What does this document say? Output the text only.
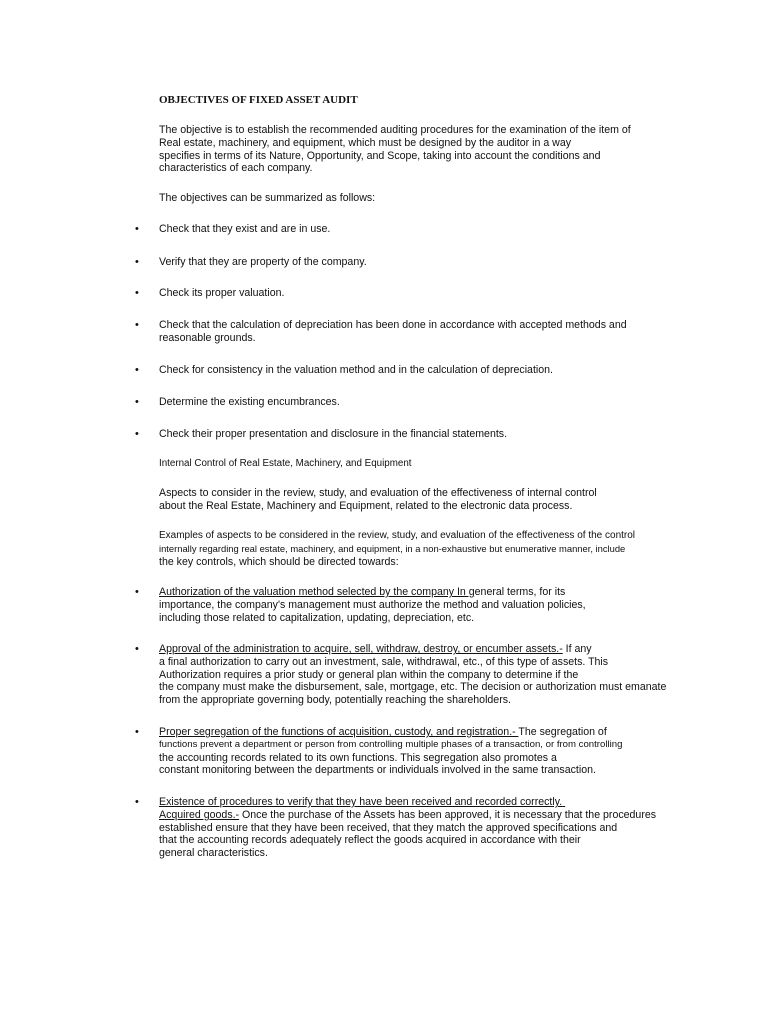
OBJECTIVES OF FIXED ASSET AUDIT

The objective is to establish the recommended auditing procedures for the examination of the item of
Real estate, machinery, and equipment, which must be designed by the auditor in a way
specifies in terms of its Nature, Opportunity, and Scope, taking into account the conditions and
characteristics of each company.

The objectives can be summarized as follows:

•	Check that they exist and are in use.

•	Verify that they are property of the company.

•	Check its proper valuation.

•	Check that the calculation of depreciation has been done in accordance with accepted methods and
reasonable grounds.

•	Check for consistency in the valuation method and in the calculation of depreciation.

•	Determine the existing encumbrances.

•	Check their proper presentation and disclosure in the financial statements.

Internal Control of Real Estate, Machinery, and Equipment

Aspects to consider in the review, study, and evaluation of the effectiveness of internal control
about the Real Estate, Machinery and Equipment, related to the electronic data process.

Examples of aspects to be considered in the review, study, and evaluation of the effectiveness of the control
internally regarding real estate, machinery, and equipment, in a non-exhaustive but enumerative manner, include
the key controls, which should be directed towards:

•	Authorization of the valuation method selected by the company In general terms, for its
importance, the company's management must authorize the method and valuation policies,
including those related to capitalization, updating, depreciation, etc.

•	Approval of the administration to acquire, sell, withdraw, destroy, or encumber assets.- If any
a final authorization to carry out an investment, sale, withdrawal, etc., of this type of assets. This
Authorization requires a prior study or general plan within the company to determine if the
the company must make the disbursement, sale, mortgage, etc. The decision or authorization must emanate
from the appropriate governing body, potentially reaching the shareholders.

•	Proper segregation of the functions of acquisition, custody, and registration.- The segregation of
functions prevent a department or person from controlling multiple phases of a transaction, or from controlling
the accounting records related to its own functions. This segregation also promotes a
constant monitoring between the departments or individuals involved in the same transaction.

•	Existence of procedures to verify that they have been received and recorded correctly.
Acquired goods.- Once the purchase of the Assets has been approved, it is necessary that the procedures
established ensure that they have been received, that they match the approved specifications and
that the accounting records adequately reflect the goods acquired in accordance with their
general characteristics.
